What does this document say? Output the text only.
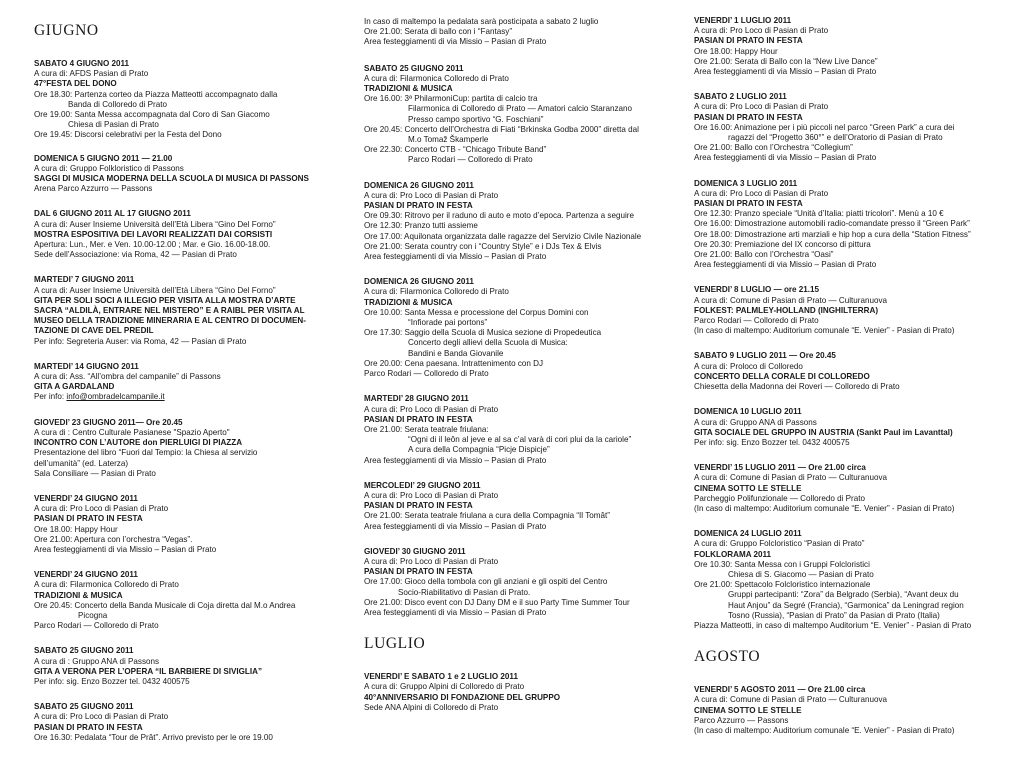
GIUGNO
SABATO 4 GIUGNO 2011
A cura di: AFDS Pasian di Prato
47°FESTA DEL DONO
Ore 18.30: Partenza corteo da Piazza Matteotti accompagnato dalla
Banda di Colloredo di Prato
Ore 19.00: Santa Messa accompagnata dal Coro di San Giacomo
Chiesa di Pasian di Prato
Ore 19.45: Discorsi celebrativi per la Festa del Dono
DOMENICA 5 GIUGNO 2011 — 21.00
A cura di: Gruppo Folkloristico di Passons
SAGGI DI MUSICA MODERNA DELLA SCUOLA DI MUSICA DI PASSONS
Arena Parco Azzurro — Passons
DAL 6 GIUGNO 2011 AL 17 GIUGNO 2011
A cura di: Auser Insieme Università dell’Età Libera “Gino Del Forno”
MOSTRA ESPOSITIVA DEI LAVORI REALIZZATI DAI CORSISTI
Apertura: Lun., Mer. e Ven. 10.00-12.00 ; Mar. e Gio. 16.00-18.00.
Sede dell’Associazione: via Roma, 42 — Pasian di Prato
MARTEDI’ 7 GIUGNO 2011
A cura di: Auser Insieme Università dell’Età Libera “Gino Del Forno”
GITA PER SOLI SOCI A ILLEGIO PER VISITA ALLA MOSTRA D’ARTE
SACRA “ALDILÀ, ENTRARE NEL MISTERO” E A RAIBL PER VISITA AL
MUSEO DELLA TRADIZIONE MINERARIA E AL CENTRO DI DOCUMEN-
TAZIONE DI CAVE DEL PREDIL
Per info: Segreteria Auser: via Roma, 42 — Pasian di Prato
MARTEDI’ 14 GIUGNO 2011
A cura di: Ass. “All’ombra del campanile” di Passons
GITA A GARDALAND
Per info: info@ombradelcampanile.it
GIOVEDI’ 23 GIUGNO 2011— Ore 20.45
A cura di : Centro Culturale Pasianese "Spazio Aperto"
INCONTRO CON L’AUTORE don PIERLUIGI DI PIAZZA
Presentazione del libro “Fuori dal Tempio: la Chiesa al servizio
dell’umanità” (ed. Laterza)
Sala Consiliare — Pasian di Prato
VENERDI’ 24 GIUGNO 2011
A cura di: Pro Loco di Pasian di Prato
PASIAN DI PRATO IN FESTA
Ore 18.00: Happy Hour
Ore 21.00: Apertura con l’orchestra “Vegas”.
Area festeggiamenti di via Missio – Pasian di Prato
VENERDI’ 24 GIUGNO 2011
A cura di: Filarmonica Colloredo di Prato
TRADIZIONI & MUSICA
Ore 20.45: Concerto della Banda Musicale di Coja diretta dal M.o Andrea
Picogna
Parco Rodari — Colloredo di Prato
SABATO 25 GIUGNO 2011
A cura di : Gruppo ANA di Passons
GITA A VERONA PER L’OPERA “IL BARBIERE DI SIVIGLIA”
Per info: sig. Enzo Bozzer tel. 0432 400575
SABATO 25 GIUGNO 2011
A cura di: Pro Loco di Pasian di Prato
PASIAN DI PRATO IN FESTA
Ore 16.30: Pedalata “Tour de Prât”. Arrivo previsto per le ore 19.00
In caso di maltempo la pedalata sarà posticipata a sabato 2 luglio
Ore 21.00: Serata di ballo con i “Fantasy”
Area festeggiamenti di via Missio – Pasian di Prato
SABATO 25 GIUGNO 2011
A cura di: Filarmonica Colloredo di Prato
TRADIZIONI & MUSICA
Ore 16.00: 3ª PhilarmoniCup: partita di calcio tra
Filarmonica di Colloredo di Prato — Amatori calcio Staranzano
Presso campo sportivo “G. Foschiani”
Ore 20.45: Concerto dell’Orchestra di Fiati “Brkinska Godba 2000” diretta dal
M.o Tomaž Škamperle
Ore 22.30: Concerto CTB - “Chicago Tribute Band”
Parco Rodari — Colloredo di Prato
DOMENICA 26 GIUGNO 2011
A cura di: Pro Loco di Pasian di Prato
PASIAN DI PRATO IN FESTA
Ore 09.30: Ritrovo per il raduno di auto e moto d’epoca. Partenza a seguire
Ore 12.30: Pranzo tutti assieme
Ore 17.00: Aquilonata organizzata dalle ragazze del Servizio Civile Nazionale
Ore 21.00: Serata country con i “Country Style” e i DJs Tex & Elvis
Area festeggiamenti di via Missio – Pasian di Prato
DOMENICA 26 GIUGNO 2011
A cura di: Filarmonica Colloredo di Prato
TRADIZIONI & MUSICA
Ore 10.00: Santa Messa e processione del Corpus Domini con
“Infiorade pai portons”
Ore 17.30: Saggio della Scuola di Musica sezione di Propedeutica
Concerto degli allievi della Scuola di Musica:
Bandini e Banda Giovanile
Ore 20.00: Cena paesana. Intrattenimento con DJ
Parco Rodari — Colloredo di Prato
MARTEDI’ 28 GIUGNO 2011
A cura di: Pro Loco di Pasian di Prato
PASIAN DI PRATO IN FESTA
Ore 21.00: Serata teatrale friulana:
“Ogni di il leôn al jeve e al sa c’al varà di cori plui da la cariole”
A cura della Compagnia “Picje Dispicje”
Area festeggiamenti di via Missio – Pasian di Prato
MERCOLEDI’ 29 GIUGNO 2011
A cura di: Pro Loco di Pasian di Prato
PASIAN DI PRATO IN FESTA
Ore 21.00: Serata teatrale friulana a cura della Compagnia “Il Tomât”
Area festeggiamenti di via Missio – Pasian di Prato
GIOVEDI’ 30 GIUGNO 2011
A cura di: Pro Loco di Pasian di Prato
PASIAN DI PRATO IN FESTA
Ore 17.00: Gioco della tombola con gli anziani e gli ospiti del Centro
Socio-Riabilitativo di Pasian di Prato.
Ore 21.00: Disco event con DJ Dany DM e il suo Party Time Summer Tour
Area festeggiamenti di via Missio – Pasian di Prato
LUGLIO
VENERDI’ E SABATO 1 e 2 LUGLIO 2011
A cura di: Gruppo Alpini di Colloredo di Prato
40°ANNIVERSARIO DI FONDAZIONE DEL GRUPPO
Sede ANA Alpini di Colloredo di Prato
VENERDI’ 1 LUGLIO 2011
A cura di: Pro Loco di Pasian di Prato
PASIAN DI PRATO IN FESTA
Ore 18.00: Happy Hour
Ore 21.00: Serata di Ballo con la “New Live Dance”
Area festeggiamenti di via Missio – Pasian di Prato
SABATO 2 LUGLIO 2011
A cura di: Pro Loco di Pasian di Prato
PASIAN DI PRATO IN FESTA
Ore 16.00: Animazione per i più piccoli nel parco “Green Park” a cura dei
ragazzi del “Progetto 360°” e dell’Oratorio di Pasian di Prato
Ore 21.00: Ballo con l’Orchestra “Collegium”
Area festeggiamenti di via Missio – Pasian di Prato
DOMENICA 3 LUGLIO 2011
A cura di: Pro Loco di Pasian di Prato
PASIAN DI PRATO IN FESTA
Ore 12.30: Pranzo speciale “Unità d’Italia: piatti tricolori”. Menù a 10 €
Ore 16.00: Dimostrazione automobili radio-comandate presso il “Green Park”
Ore 18.00: Dimostrazione arti marziali e hip hop a cura della “Station Fitness”
Ore 20.30: Premiazione del IX concorso di pittura
Ore 21.00: Ballo con l’Orchestra “Oasi”
Area festeggiamenti di via Missio – Pasian di Prato
VENERDI’ 8 LUGLIO — ore 21.15
A cura di: Comune di Pasian di Prato — Culturanuova
FOLKEST: PALMLEY-HOLLAND (INGHILTERRA)
Parco Rodari — Colloredo di Prato
(In caso di maltempo: Auditorium comunale “E. Venier” - Pasian di Prato)
SABATO 9 LUGLIO 2011 — Ore 20.45
A cura di: Proloco di Colloredo
CONCERTO DELLA CORALE DI COLLOREDO
Chiesetta della Madonna dei Roveri — Colloredo di Prato
DOMENICA 10 LUGLIO 2011
A cura di: Gruppo ANA di Passons
GITA SOCIALE DEL GRUPPO IN AUSTRIA (Sankt Paul im Lavanttal)
Per info: sig. Enzo Bozzer tel. 0432 400575
VENERDI’ 15 LUGLIO 2011 — Ore 21.00 circa
A cura di: Comune di Pasian di Prato — Culturanuova
CINEMA SOTTO LE STELLE
Parcheggio Polifunzionale — Colloredo di Prato
(In caso di maltempo: Auditorium comunale “E. Venier” - Pasian di Prato)
DOMENICA 24 LUGLIO 2011
A cura di: Gruppo Folcloristico “Pasian di Prato”
FOLKLORAMA 2011
Ore 10.30: Santa Messa con i Gruppi Folcloristici
Chiesa di S. Giacomo — Pasian di Prato
Ore 21.00: Spettacolo Folcloristico internazionale
Gruppi partecipanti: “Zora” da Belgrado (Serbia), “Avant deux du
Haut Anjou” da Segré (Francia), “Garmonica” da Leningrad region
Tosno (Russia), “Pasian di Prato” da Pasian di Prato (Italia)
Piazza Matteotti, in caso di maltempo Auditorium “E. Venier” - Pasian di Prato
AGOSTO
VENERDI’ 5 AGOSTO 2011 — Ore 21.00 circa
A cura di: Comune di Pasian di Prato — Culturanuova
CINEMA SOTTO LE STELLE
Parco Azzurro — Passons
(In caso di maltempo: Auditorium comunale “E. Venier” - Pasian di Prato)
